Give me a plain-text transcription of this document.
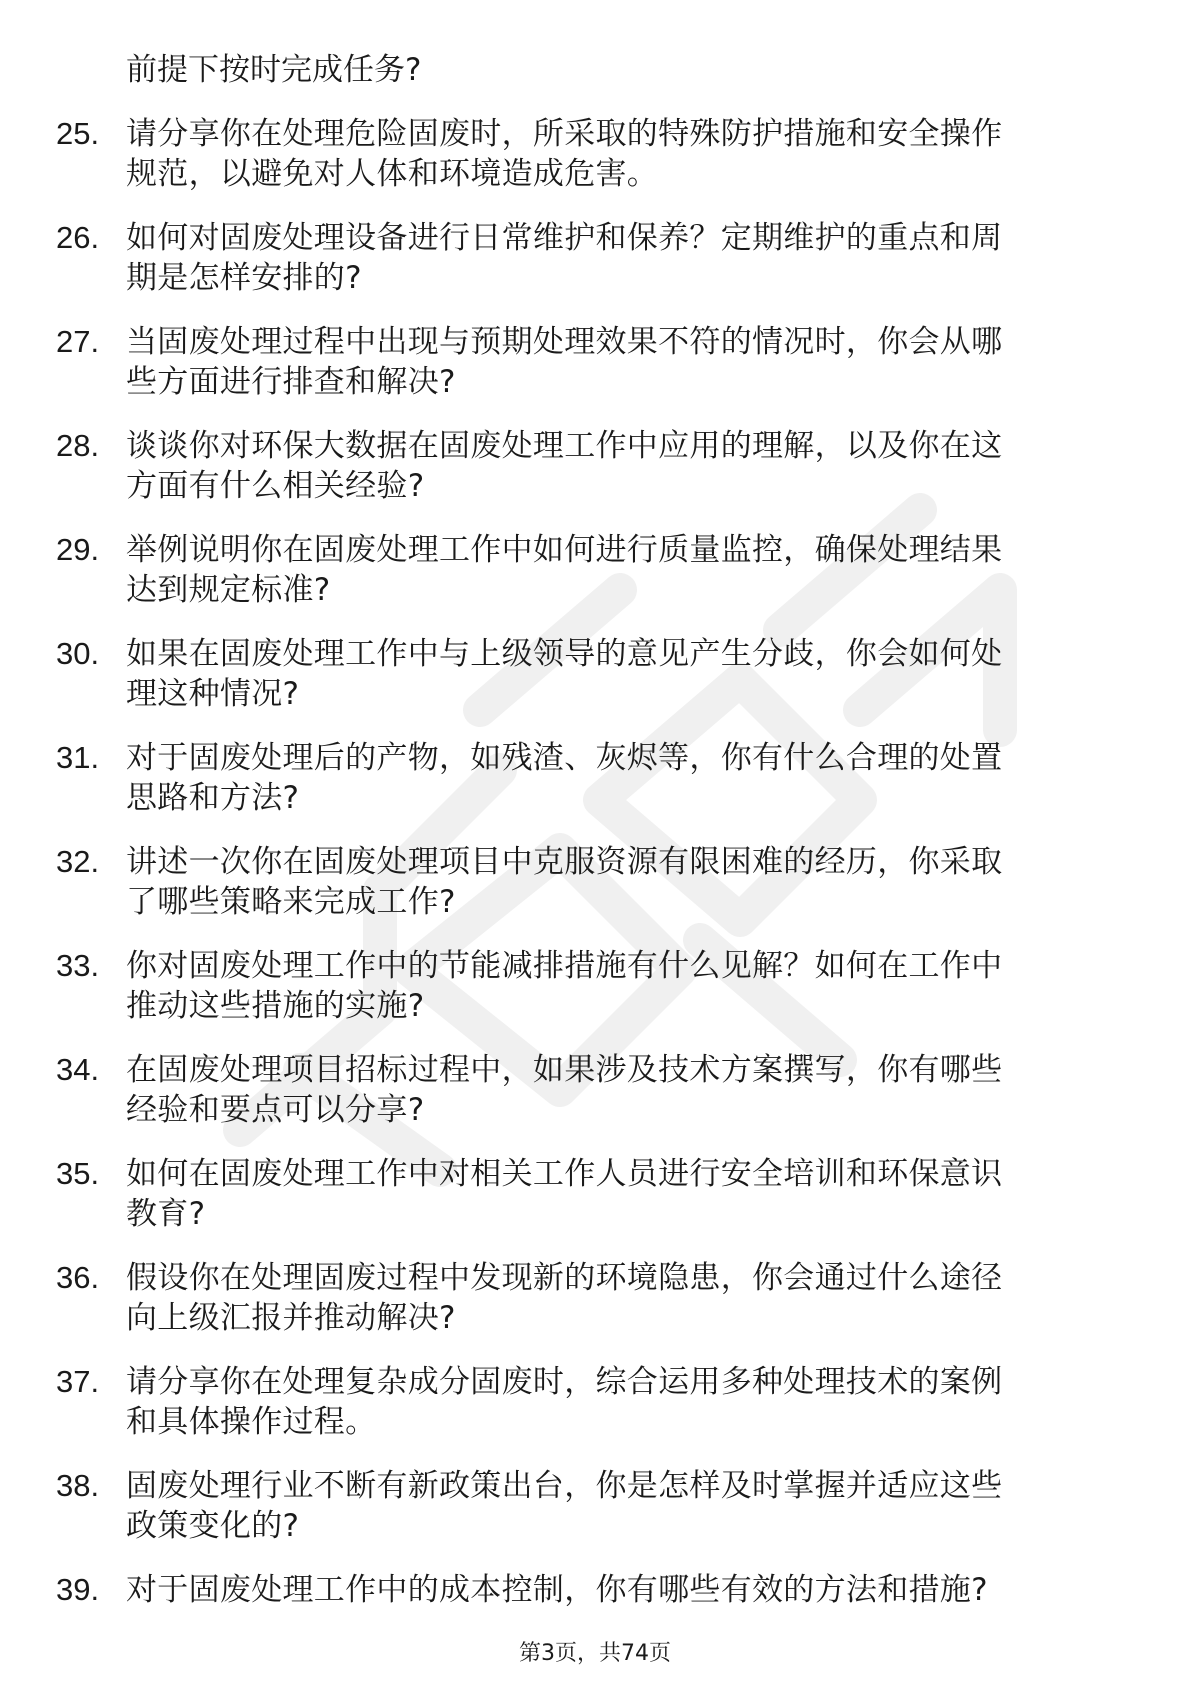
前提下按时完成任务?
25. 请分享你在处理危险固废时，所采取的特殊防护措施和安全操作
规范，以避免对人体和环境造成危害。
26. 如何对固废处理设备进行日常维护和保养？定期维护的重点和周
期是怎样安排的?
27. 当固废处理过程中出现与预期处理效果不符的情况时，你会从哪
些方面进行排查和解决?
28. 谈谈你对环保大数据在固废处理工作中应用的理解，以及你在这
方面有什么相关经验?
29. 举例说明你在固废处理工作中如何进行质量监控，确保处理结果
达到规定标准?
30. 如果在固废处理工作中与上级领导的意见产生分歧，你会如何处
理这种情况?
31. 对于固废处理后的产物，如残渣、灰烬等，你有什么合理的处置
思路和方法?
32. 讲述一次你在固废处理项目中克服资源有限困难的经历，你采取
了哪些策略来完成工作?
33. 你对固废处理工作中的节能减排措施有什么见解？如何在工作中
推动这些措施的实施?
34. 在固废处理项目招标过程中，如果涉及技术方案撰写，你有哪些
经验和要点可以分享?
35. 如何在固废处理工作中对相关工作人员进行安全培训和环保意识
教育?
36. 假设你在处理固废过程中发现新的环境隐患，你会通过什么途径
向上级汇报并推动解决?
37. 请分享你在处理复杂成分固废时，综合运用多种处理技术的案例
和具体操作过程。
38. 固废处理行业不断有新政策出台，你是怎样及时掌握并适应这些
政策变化的?
39. 对于固废处理工作中的成本控制，你有哪些有效的方法和措施?
第3页，共74页
